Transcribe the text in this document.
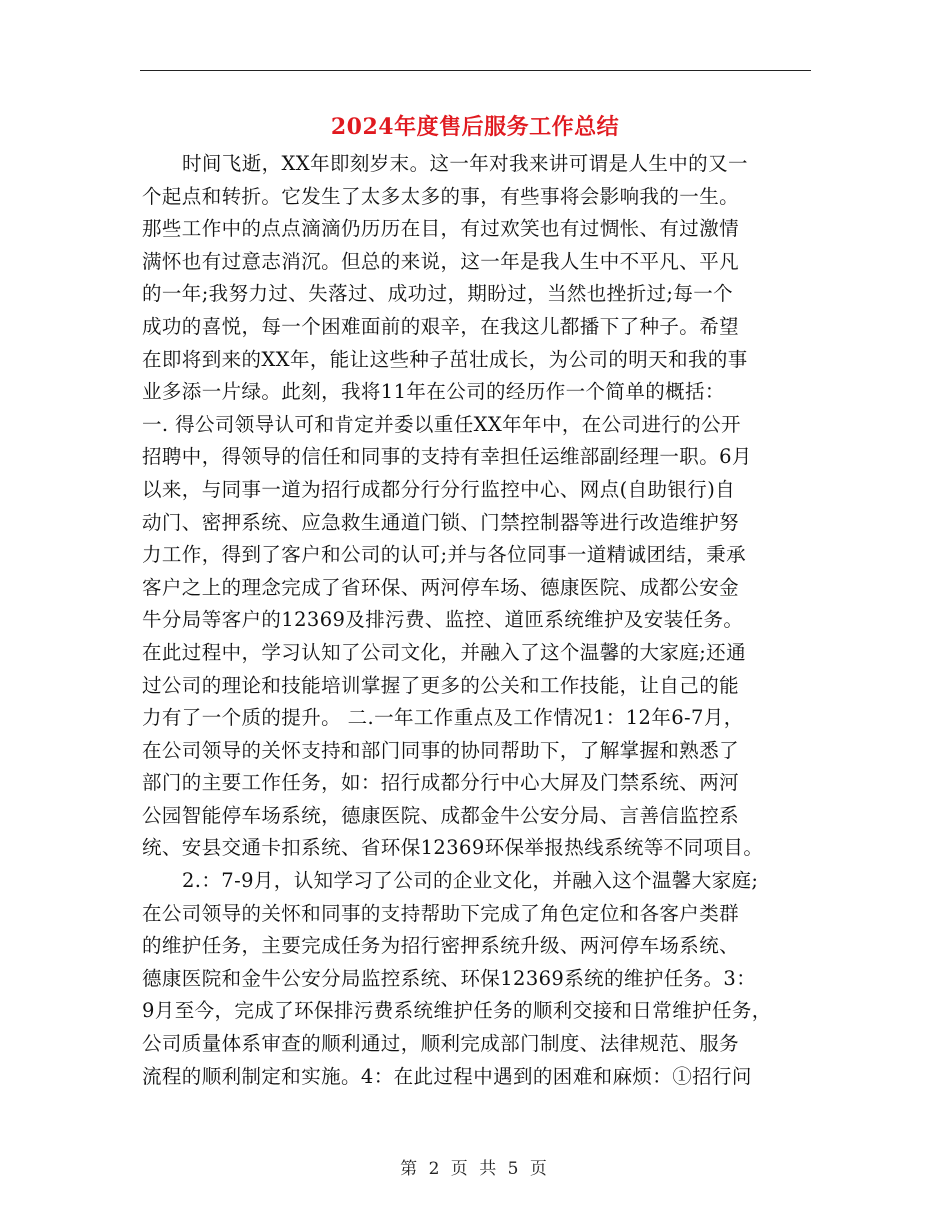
2024年度售后服务工作总结
时间飞逝，XX年即刻岁末。这一年对我来讲可谓是人生中的又一
个起点和转折。它发生了太多太多的事，有些事将会影响我的一生。
那些工作中的点点滴滴仍历历在目，有过欢笑也有过惆怅、有过激情
满怀也有过意志消沉。但总的来说，这一年是我人生中不平凡、平凡
的一年;我努力过、失落过、成功过，期盼过，当然也挫折过;每一个
成功的喜悦，每一个困难面前的艰辛，在我这儿都播下了种子。希望
在即将到来的XX年，能让这些种子茁壮成长，为公司的明天和我的事
业多添一片绿。此刻，我将11年在公司的经历作一个简单的概括：
一. 得公司领导认可和肯定并委以重任XX年年中，在公司进行的公开
招聘中，得领导的信任和同事的支持有幸担任运维部副经理一职。6月
以来，与同事一道为招行成都分行分行监控中心、网点(自助银行)自
动门、密押系统、应急救生通道门锁、门禁控制器等进行改造维护努
力工作，得到了客户和公司的认可;并与各位同事一道精诚团结，秉承
客户之上的理念完成了省环保、两河停车场、德康医院、成都公安金
牛分局等客户的12369及排污费、监控、道匝系统维护及安装任务。
在此过程中，学习认知了公司文化，并融入了这个温馨的大家庭;还通
过公司的理论和技能培训掌握了更多的公关和工作技能，让自己的能
力有了一个质的提升。 二.一年工作重点及工作情况1：12年6-7月，
在公司领导的关怀支持和部门同事的协同帮助下，了解掌握和熟悉了
部门的主要工作任务，如：招行成都分行中心大屏及门禁系统、两河
公园智能停车场系统，德康医院、成都金牛公安分局、言善信监控系
统、安县交通卡扣系统、省环保12369环保举报热线系统等不同项目。
2.：7-9月，认知学习了公司的企业文化，并融入这个温馨大家庭;
在公司领导的关怀和同事的支持帮助下完成了角色定位和各客户类群
的维护任务，主要完成任务为招行密押系统升级、两河停车场系统、
德康医院和金牛公安分局监控系统、环保12369系统的维护任务。3：
9月至今，完成了环保排污费系统维护任务的顺利交接和日常维护任务，
公司质量体系审查的顺利通过，顺利完成部门制度、法律规范、服务
流程的顺利制定和实施。4：在此过程中遇到的困难和麻烦：①招行问
第 2 页 共 5 页
